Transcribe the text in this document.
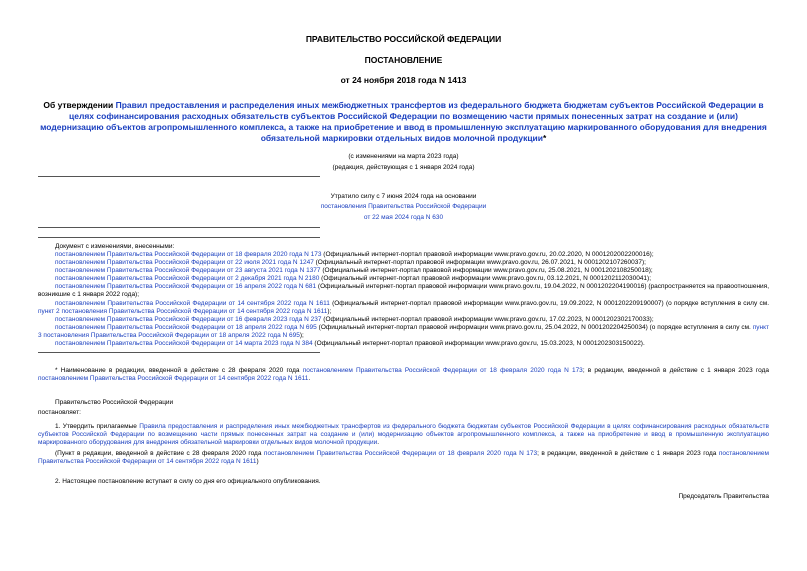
ПРАВИТЕЛЬСТВО РОССИЙСКОЙ ФЕДЕРАЦИИ

ПОСТАНОВЛЕНИЕ

от 24 ноября 2018 года N 1413

Об утверждении Правил предоставления и распределения иных межбюджетных трансфертов из федерального бюджета бюджетам субъектов Российской Федерации в целях софинансирования расходных обязательств субъектов Российской Федерации по возмещению части прямых понесенных затрат на создание и (или) модернизацию объектов агропромышленного комплекса, а также на приобретение и ввод в промышленную эксплуатацию маркированного оборудования для внедрения обязательной маркировки отдельных видов молочной продукции*

(с изменениями на марта 2023 года)

(редакция, действующая с 1 января 2024 года)

Утратило силу с 7 июня 2024 года на основании

постановления Правительства Российской Федерации

от 22 мая 2024 года N 630

Документ с изменениями, внесенными:

постановлением Правительства Российской Федерации от 18 февраля 2020 года N 173 (Официальный интернет-портал правовой информации www.pravo.gov.ru, 20.02.2020, N 0001202002200016);

постановлением Правительства Российской Федерации от 22 июля 2021 года N 1247 (Официальный интернет-портал правовой информации www.pravo.gov.ru, 26.07.2021, N 0001202107260037);

постановлением Правительства Российской Федерации от 23 августа 2021 года N 1377 (Официальный интернет-портал правовой информации www.pravo.gov.ru, 25.08.2021, N 0001202108250018);

постановлением Правительства Российской Федерации от 2 декабря 2021 года N 2180 (Официальный интернет-портал правовой информации www.pravo.gov.ru, 03.12.2021, N 0001202112030041);

постановлением Правительства Российской Федерации от 16 апреля 2022 года N 681 (Официальный интернет-портал правовой информации www.pravo.gov.ru, 19.04.2022, N 0001202204190016) (распространяется на правоотношения, возникшие с 1 января 2022 года);

постановлением Правительства Российской Федерации от 14 сентября 2022 года N 1611 (Официальный интернет-портал правовой информации www.pravo.gov.ru, 19.09.2022, N 0001202209190007) (о порядке вступления в силу см. пункт 2 постановления Правительства Российской Федерации от 14 сентября 2022 года N 1611);

постановлением Правительства Российской Федерации от 16 февраля 2023 года N 237 (Официальный интернет-портал правовой информации www.pravo.gov.ru, 17.02.2023, N 0001202302170033);

постановлением Правительства Российской Федерации от 18 апреля 2022 года N 695 (Официальный интернет-портал правовой информации www.pravo.gov.ru, 25.04.2022, N 0001202204250034) (о порядке вступления в силу см. пункт 3 постановления Правительства Российской Федерации от 18 апреля 2022 года N 695);

постановлением Правительства Российской Федерации от 14 марта 2023 года N 384 (Официальный интернет-портал правовой информации www.pravo.gov.ru, 15.03.2023, N 0001202303150022).

* Наименование в редакции, введенной в действие с 28 февраля 2020 года постановлением Правительства Российской Федерации от 18 февраля 2020 года N 173; в редакции, введенной в действие с 1 января 2023 года постановлением Правительства Российской Федерации от 14 сентября 2022 года N 1611.

Правительство Российской Федерации

постановляет:

1. Утвердить прилагаемые Правила предоставления и распределения иных межбюджетных трансфертов из федерального бюджета бюджетам субъектов Российской Федерации в целях софинансирования расходных обязательств субъектов Российской Федерации по возмещению части прямых понесенных затрат на создание и (или) модернизацию объектов агропромышленного комплекса, а также на приобретение и ввод в промышленную эксплуатацию маркированного оборудования для внедрения обязательной маркировки отдельных видов молочной продукции.

(Пункт в редакции, введенной в действие с 28 февраля 2020 года постановлением Правительства Российской Федерации от 18 февраля 2020 года N 173; в редакции, введенной в действие с 1 января 2023 года постановлением Правительства Российской Федерации от 14 сентября 2022 года N 1611)

2. Настоящее постановление вступает в силу со дня его официального опубликования.

Председатель Правительства
